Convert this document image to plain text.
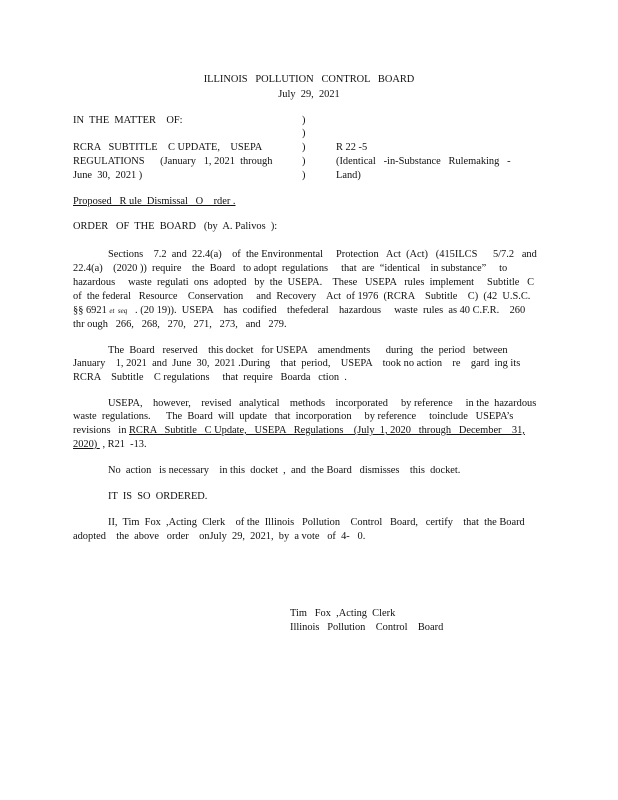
ILLINOIS   POLLUTION   CONTROL   BOARD
July  29,  2021
IN  THE  MATTER    OF:	)
)
)
)
)
RCRA   SUBTITLE    C UPDATE,    USEPA
REGULATIONS      (January   1, 2021  through
June  30,  2021 )
R 22 -5
(Identical   -in-Substance   Rulemaking   -
Land)
Proposed   R ule  Dismissal   O    rder .
ORDER   OF  THE  BOARD   (by  A. Palivos  ):
Sections    7.2  and  22.4(a)    of  the Environmental     Protection   Act  (Act)   (415ILCS      5/7.2   and
22.4(a)    (2020 ))  require    the  Board   to adopt  regulations     that  are  “identical    in substance”     to
hazardous     waste  regulati  ons  adopted   by  the  USEPA.    These   USEPA   rules  implement     Subtitle   C
of  the federal   Resource    Conservation     and  Recovery    Act  of 1976  (RCRA    Subtitle    C)  (42  U.S.C.
§§ 6921 et  seq   . (20 19)).  USEPA    has  codified    thefederal    hazardous     waste  rules  as 40 C.F.R.    260
thr ough   266,   268,   270,   271,   273,   and   279.
The  Board   reserved    this docket   for USEPA    amendments      during   the  period   between
January    1, 2021  and  June  30,  2021 .During    that  period,    USEPA    took no action    re    gard  ing its
RCRA    Subtitle    C regulations     that  require   Boarda   ction  .
USEPA,    however,    revised   analytical    methods    incorporated     by reference     in the  hazardous
waste  regulations.      The  Board  will  update   that  incorporation     by reference     toinclude   USEPA’s
revisions   in RCRA   Subtitle   C Update,   USEPA   Regulations    (July  1, 2020   through   December    31,
2020)  , R21  -13.
No  action   is necessary    in this  docket  ,  and  the Board   dismisses    this  docket.
IT  IS  SO  ORDERED.
II,  Tim  Fox  ,Acting  Clerk    of the  Illinois   Pollution    Control   Board,   certify    that  the Board
adopted    the  above   order    onJuly  29,  2021,  by  a vote   of  4-   0.
Tim   Fox  ,Acting  Clerk
Illinois   Pollution    Control    Board
